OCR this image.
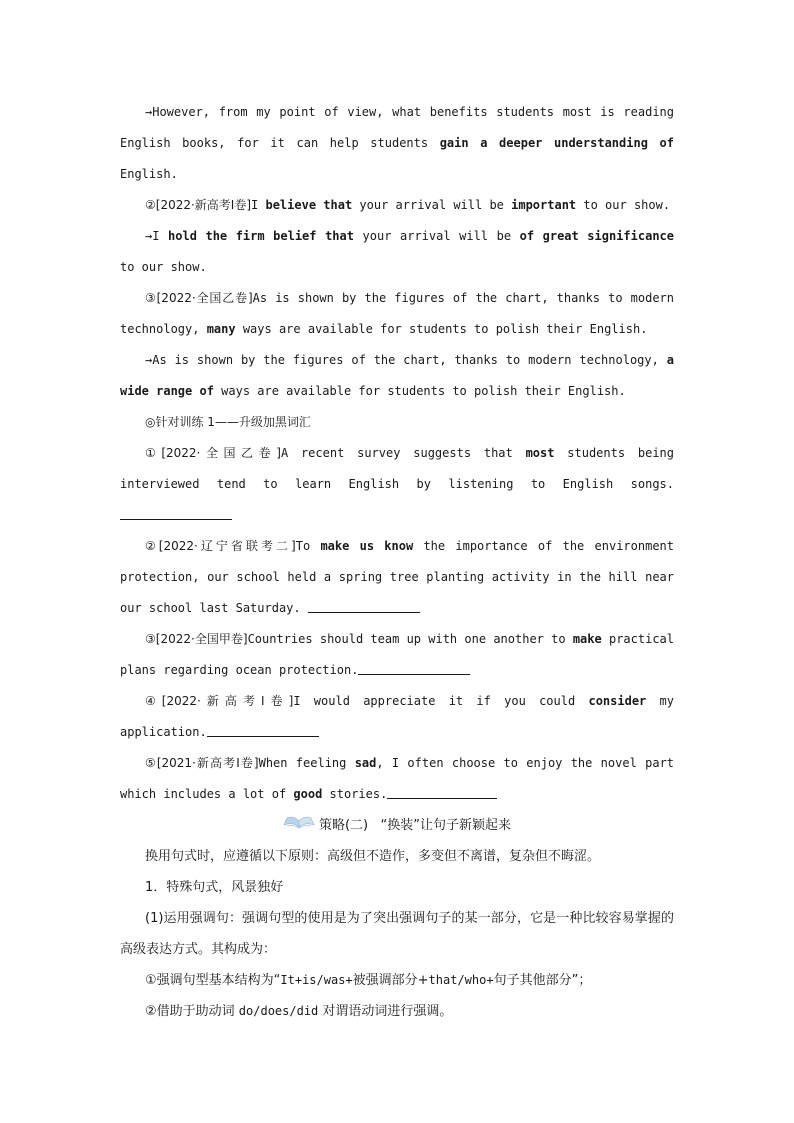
→However, from my point of view, what benefits students most is reading English books, for it can help students gain a deeper understanding of English.

②[2022·新高考Ⅰ卷]I believe that your arrival will be important to our show.

→I hold the firm belief that your arrival will be of great significance to our show.

③[2022·全国乙卷]As is shown by the figures of the chart, thanks to modern technology, many ways are available for students to polish their English.

→As is shown by the figures of the chart, thanks to modern technology, a wide range of ways are available for students to polish their English.

◎针对训练 1——升级加黑词汇

①[2022·全国乙卷]A recent survey suggests that most students being interviewed tend to learn English by listening to English songs.

②[2022·辽宁省联考二]To make us know the importance of the environment protection, our school held a spring tree planting activity in the hill near our school last Saturday.

③[2022·全国甲卷]Countries should team up with one another to make practical plans regarding ocean protection.

④[2022·新高考Ⅰ卷]I would appreciate it if you could consider my application.

⑤[2021·新高考Ⅰ卷]When feeling sad, I often choose to enjoy the novel part which includes a lot of good stories.

策略(二) “换装”让句子新颖起来

换用句式时，应遵循以下原则：高级但不造作，多变但不离谱，复杂但不晦涩。

1．特殊句式，风景独好

(1)运用强调句：强调句型的使用是为了突出强调句子的某一部分，它是一种比较容易掌握的高级表达方式。其构成为：

①强调句型基本结构为“It+is/was+被强调部分+that/who+句子其他部分”；

②借助于助动词 do/does/did 对谓语动词进行强调。
